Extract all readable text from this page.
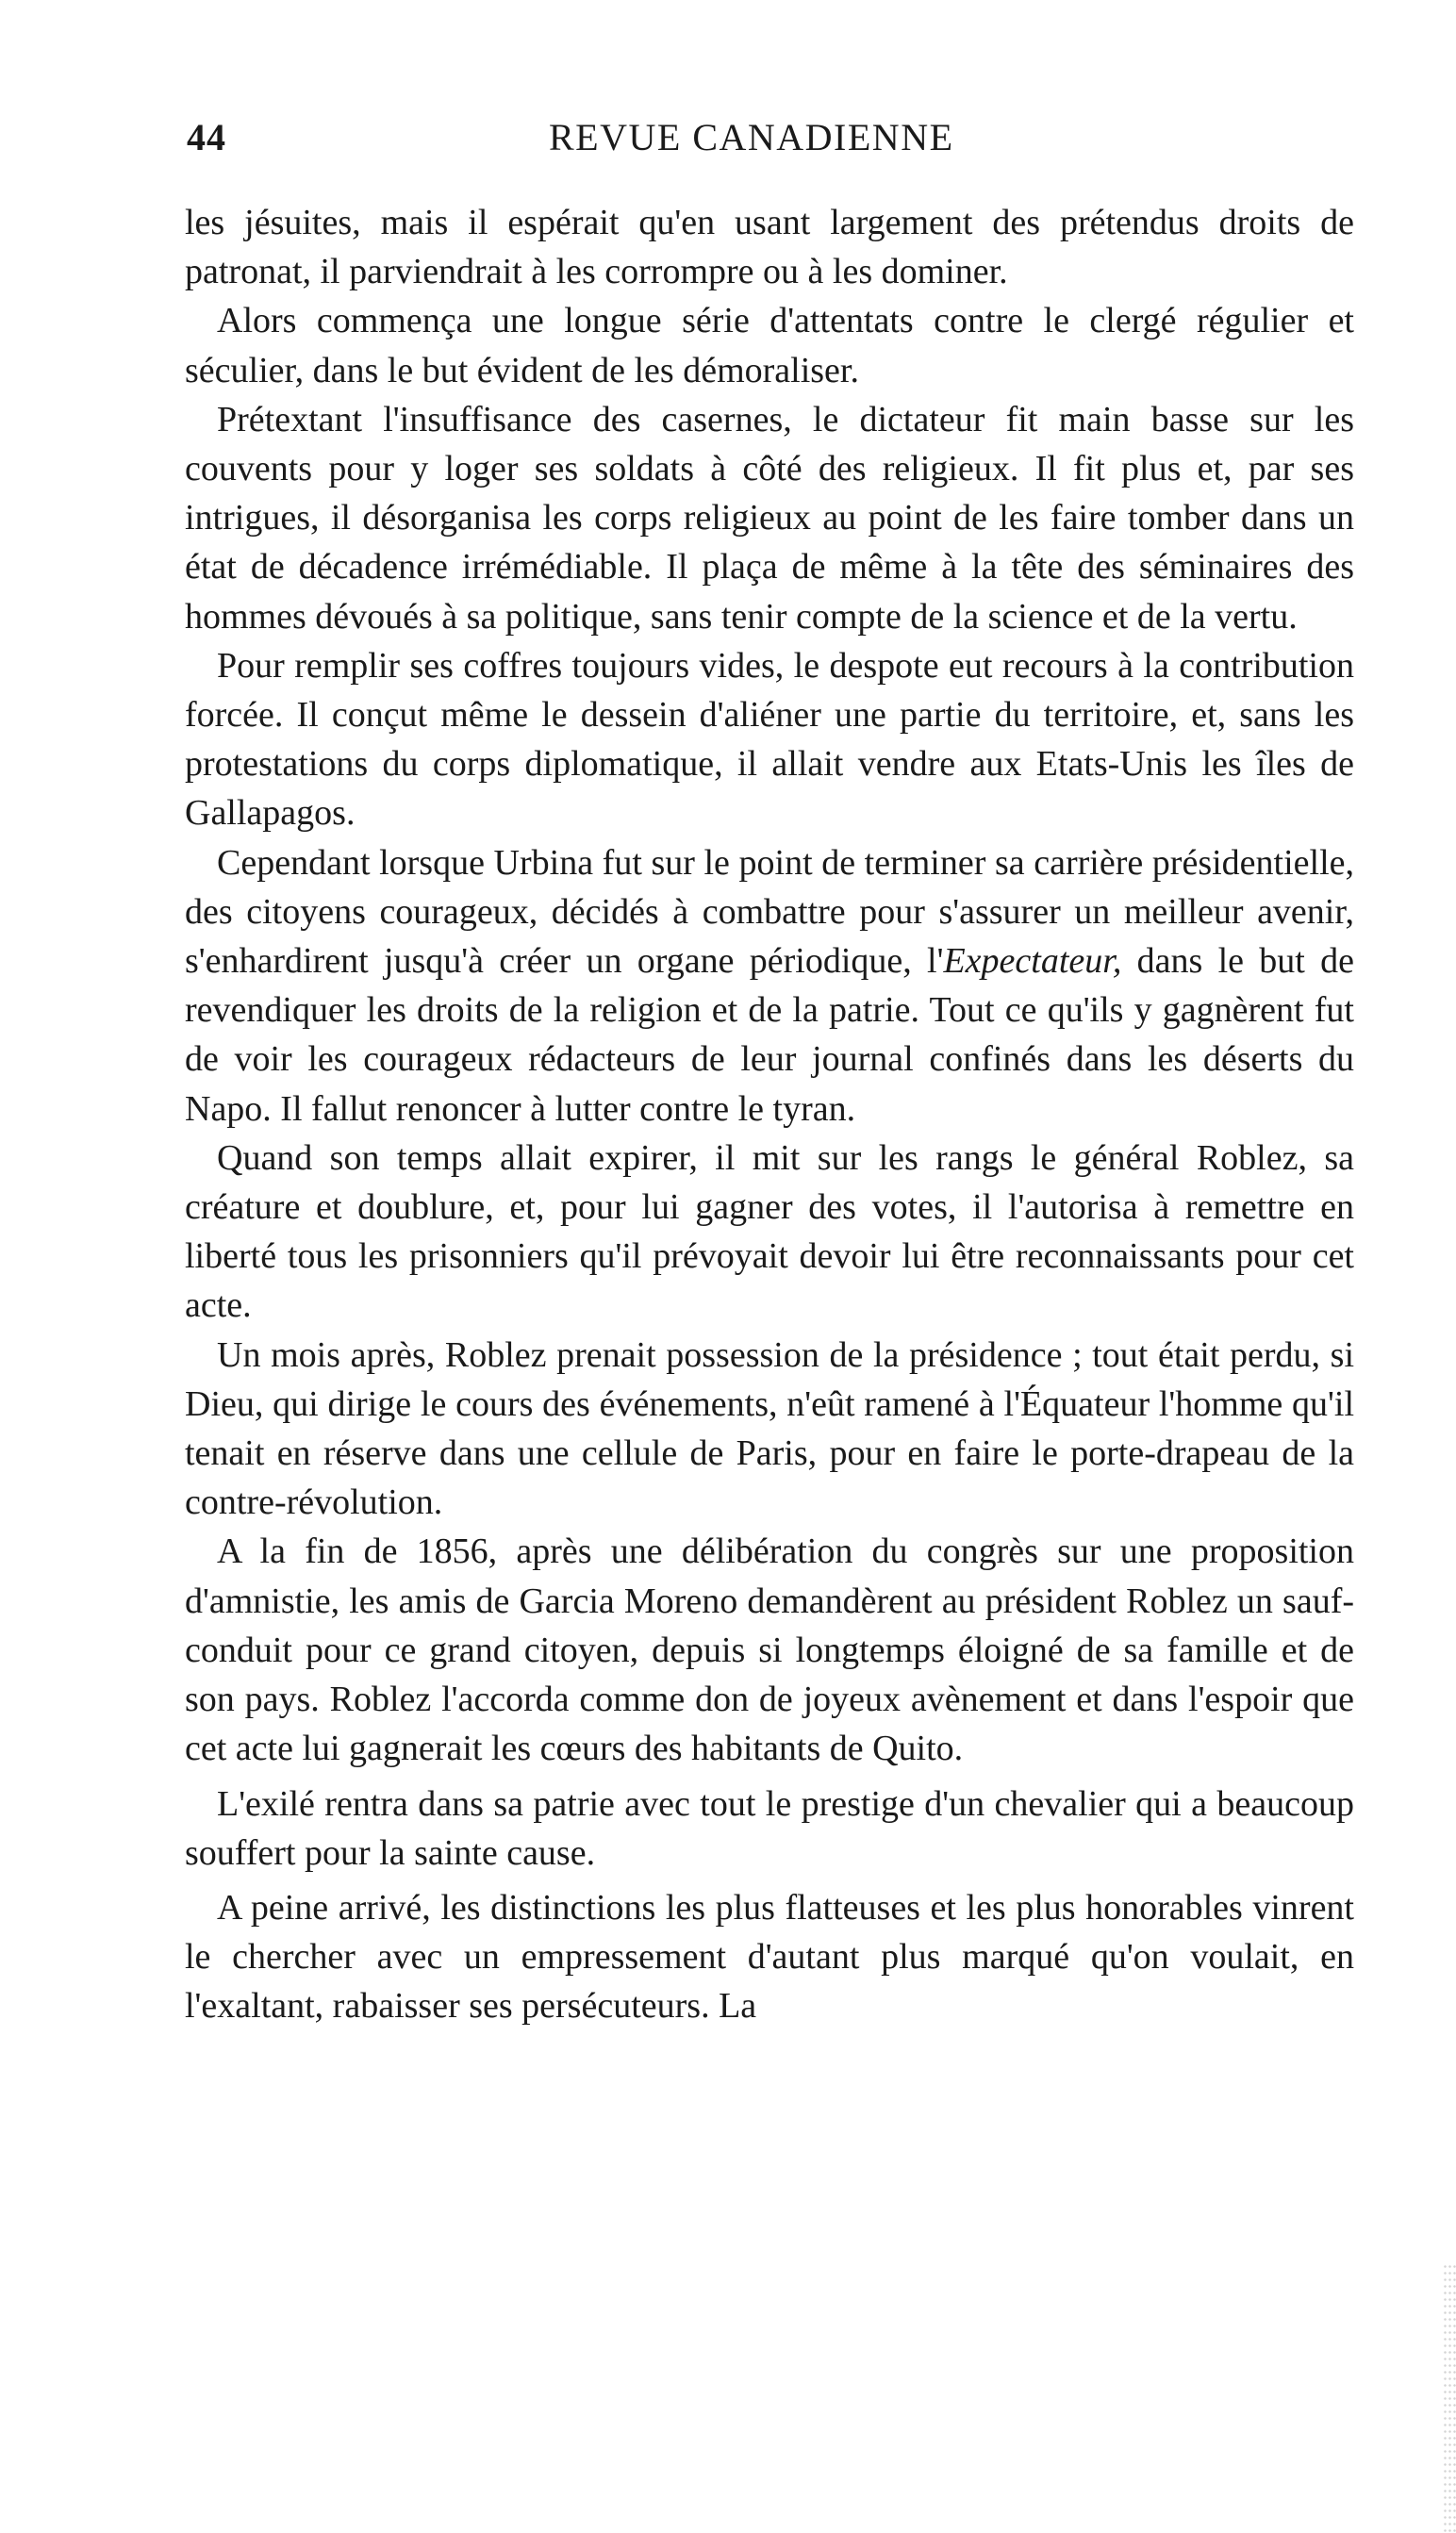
44	REVUE CANADIENNE

les jésuites, mais il espérait qu'en usant largement des prétendus droits de patronat, il parviendrait à les corrompre ou à les dominer.

Alors commença une longue série d'attentats contre le clergé régulier et séculier, dans le but évident de les démoraliser.

Prétextant l'insuffisance des casernes, le dictateur fit main basse sur les couvents pour y loger ses soldats à côté des religieux. Il fit plus et, par ses intrigues, il désorganisa les corps religieux au point de les faire tomber dans un état de décadence irrémédiable. Il plaça de même à la tête des séminaires des hommes dévoués à sa politique, sans tenir compte de la science et de la vertu.

Pour remplir ses coffres toujours vides, le despote eut recours à la contribution forcée. Il conçut même le dessein d'aliéner une partie du territoire, et, sans les protestations du corps diplomatique, il allait vendre aux Etats-Unis les îles de Gallapagos.

Cependant lorsque Urbina fut sur le point de terminer sa carrière présidentielle, des citoyens courageux, décidés à combattre pour s'assurer un meilleur avenir, s'enhardirent jusqu'à créer un organe périodique, l'Expectateur, dans le but de revendiquer les droits de la religion et de la patrie. Tout ce qu'ils y gagnèrent fut de voir les courageux rédacteurs de leur journal confinés dans les déserts du Napo. Il fallut renoncer à lutter contre le tyran.

Quand son temps allait expirer, il mit sur les rangs le général Roblez, sa créature et doublure, et, pour lui gagner des votes, il l'autorisa à remettre en liberté tous les prisonniers qu'il prévoyait devoir lui être reconnaissants pour cet acte.

Un mois après, Roblez prenait possession de la présidence ; tout était perdu, si Dieu, qui dirige le cours des événements, n'eût ramené à l'Équateur l'homme qu'il tenait en réserve dans une cellule de Paris, pour en faire le porte-drapeau de la contre-révolution.

A la fin de 1856, après une délibération du congrès sur une proposition d'amnistie, les amis de Garcia Moreno demandèrent au président Roblez un sauf-conduit pour ce grand citoyen, depuis si longtemps éloigné de sa famille et de son pays. Roblez l'accorda comme don de joyeux avènement et dans l'espoir que cet acte lui gagnerait les cœurs des habitants de Quito.

L'exilé rentra dans sa patrie avec tout le prestige d'un chevalier qui a beaucoup souffert pour la sainte cause.

A peine arrivé, les distinctions les plus flatteuses et les plus honorables vinrent le chercher avec un empressement d'autant plus marqué qu'on voulait, en l'exaltant, rabaisser ses persécuteurs. La
